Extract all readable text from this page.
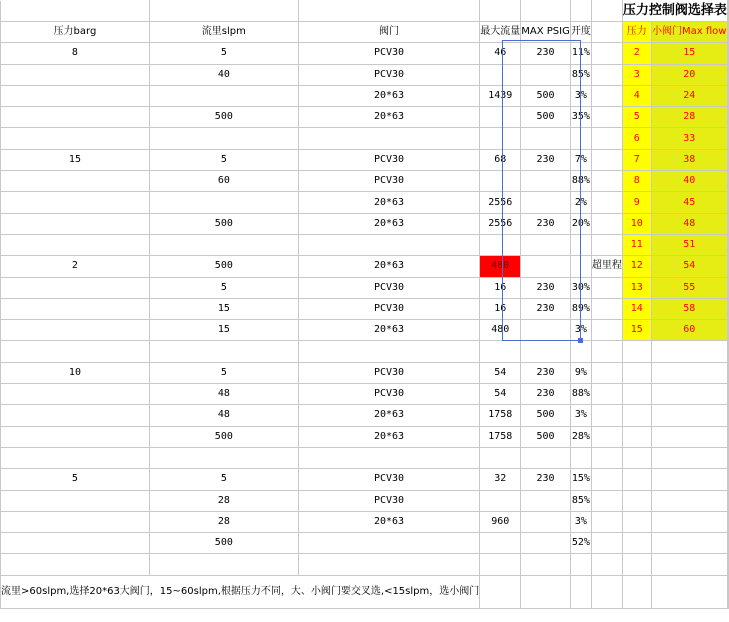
							压力控制阀选择表		
压力barg	流里slpm	阀门	最大流量	MAX PSIG	开度		压力	小阀门Max flow	
8	5	PCV30	46	230	11%		2	15	
	40	PCV30			85%		3	20	
		20*63	1439	500	3%		4	24	
	500	20*63		500	35%		5	28	
							6	33	
15	5	PCV30	68	230	7%		7	38	
	60	PCV30			88%		8	40	
		20*63	2556		2%		9	45	
	500	20*63	2556	230	20%		10	48	
							11	51	
2	500	20*63	480			超里程	12	54	
	5	PCV30	16	230	30%		13	55	
	15	PCV30	16	230	89%		14	58	
	15	20*63	480		3%		15	60	

10	5	PCV30	54	230	9%				
	48	PCV30	54	230	88%				
	48	20*63	1758	500	3%				
	500	20*63	1758	500	28%				

5	5	PCV30	32	230	15%				
	28	PCV30			85%				
	28	20*63	960		3%				
	500				52%				

流里>60slpm,选择20*63大阀门，15~60slpm,根据压力不同，大、小阀门要交叉选,<15slpm，选小阀门									
